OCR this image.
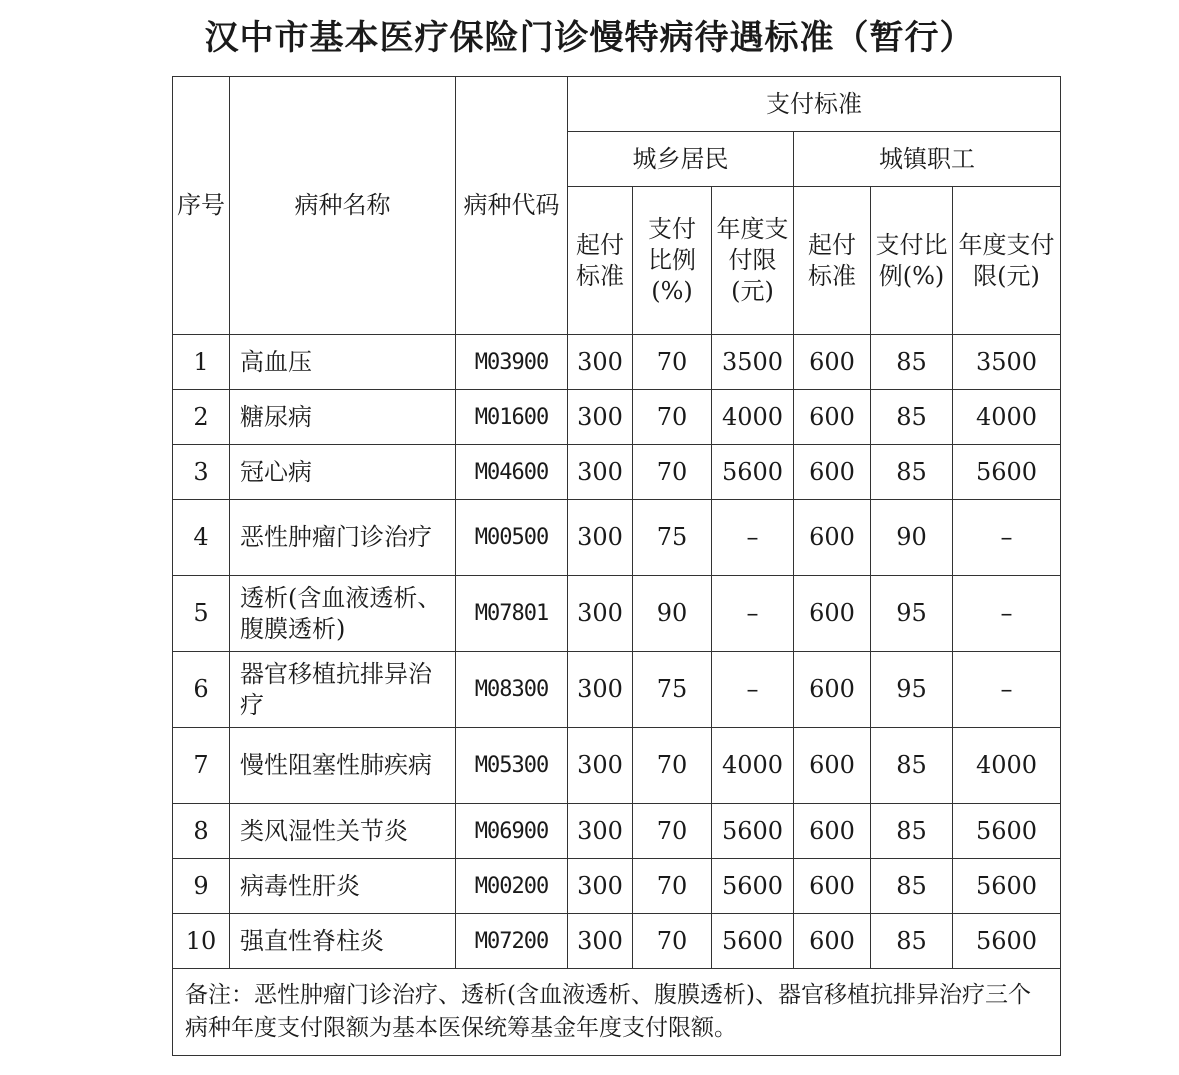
汉中市基本医疗保险门诊慢特病待遇标准（暂行）
序号	病种名称	病种代码	支付标准					
			城乡居民			城镇职工		
			起付标准	支付比例(%)	年度支付限(元)	起付标准	支付比例(%)	年度支付限(元)
1	高血压	M03900	300	70	3500	600	85	3500
2	糖尿病	M01600	300	70	4000	600	85	4000
3	冠心病	M04600	300	70	5600	600	85	5600
4	恶性肿瘤门诊治疗	M00500	300	75	–	600	90	–
5	透析(含血液透析、腹膜透析)	M07801	300	90	–	600	95	–
6	器官移植抗排异治疗	M08300	300	75	–	600	95	–
7	慢性阻塞性肺疾病	M05300	300	70	4000	600	85	4000
8	类风湿性关节炎	M06900	300	70	5600	600	85	5600
9	病毒性肝炎	M00200	300	70	5600	600	85	5600
10	强直性脊柱炎	M07200	300	70	5600	600	85	5600
备注：恶性肿瘤门诊治疗、透析(含血液透析、腹膜透析)、器官移植抗排异治疗三个病种年度支付限额为基本医保统筹基金年度支付限额。								
